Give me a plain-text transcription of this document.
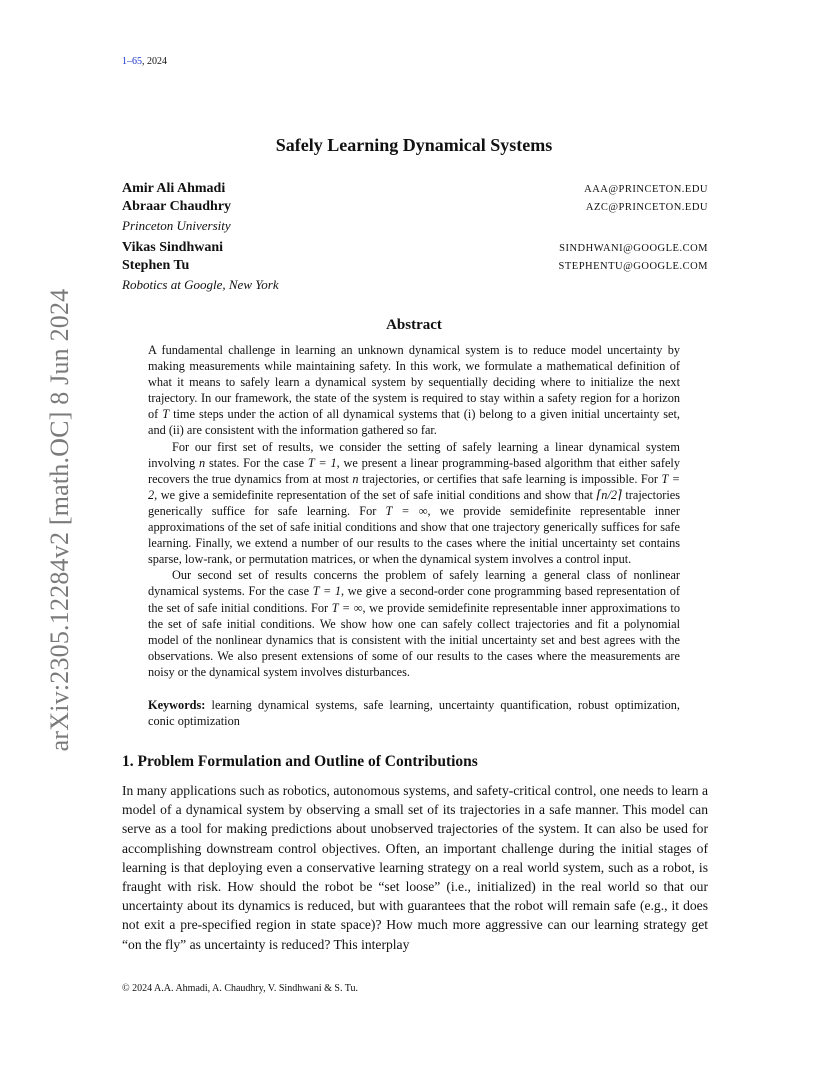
1–65, 2024
arXiv:2305.12284v2 [math.OC] 8 Jun 2024
Safely Learning Dynamical Systems
Amir Ali Ahmadi	AAA@PRINCETON.EDU
Abraar Chaudhry	AZC@PRINCETON.EDU
Princeton University
Vikas Sindhwani	SINDHWANI@GOOGLE.COM
Stephen Tu	STEPHENTU@GOOGLE.COM
Robotics at Google, New York
Abstract

A fundamental challenge in learning an unknown dynamical system is to reduce model uncertainty by making measurements while maintaining safety. In this work, we formulate a mathematical definition of what it means to safely learn a dynamical system by sequentially deciding where to initialize the next trajectory. In our framework, the state of the system is required to stay within a safety region for a horizon of T time steps under the action of all dynamical systems that (i) belong to a given initial uncertainty set, and (ii) are consistent with the information gathered so far.

For our first set of results, we consider the setting of safely learning a linear dynamical system involving n states. For the case T = 1, we present a linear programming-based algorithm that either safely recovers the true dynamics from at most n trajectories, or certifies that safe learning is impossible. For T = 2, we give a semidefinite representation of the set of safe initial conditions and show that ⌈n/2⌉ trajectories generically suffice for safe learning. For T = ∞, we provide semidefinite representable inner approximations of the set of safe initial conditions and show that one trajectory generically suffices for safe learning. Finally, we extend a number of our results to the cases where the initial uncertainty set contains sparse, low-rank, or permutation matrices, or when the dynamical system involves a control input.

Our second set of results concerns the problem of safely learning a general class of nonlinear dynamical systems. For the case T = 1, we give a second-order cone programming based representation of the set of safe initial conditions. For T = ∞, we provide semidefinite representable inner approximations to the set of safe initial conditions. We show how one can safely collect trajectories and fit a polynomial model of the nonlinear dynamics that is consistent with the initial uncertainty set and best agrees with the observations. We also present extensions of some of our results to the cases where the measurements are noisy or the dynamical system involves disturbances.

Keywords: learning dynamical systems, safe learning, uncertainty quantification, robust optimization, conic optimization
1. Problem Formulation and Outline of Contributions

In many applications such as robotics, autonomous systems, and safety-critical control, one needs to learn a model of a dynamical system by observing a small set of its trajectories in a safe manner. This model can serve as a tool for making predictions about unobserved trajectories of the system. It can also be used for accomplishing downstream control objectives. Often, an important challenge during the initial stages of learning is that deploying even a conservative learning strategy on a real world system, such as a robot, is fraught with risk. How should the robot be “set loose” (i.e., initialized) in the real world so that our uncertainty about its dynamics is reduced, but with guarantees that the robot will remain safe (e.g., it does not exit a pre-specified region in state space)? How much more aggressive can our learning strategy get “on the fly” as uncertainty is reduced? This interplay

© 2024 A.A. Ahmadi, A. Chaudhry, V. Sindhwani & S. Tu.
